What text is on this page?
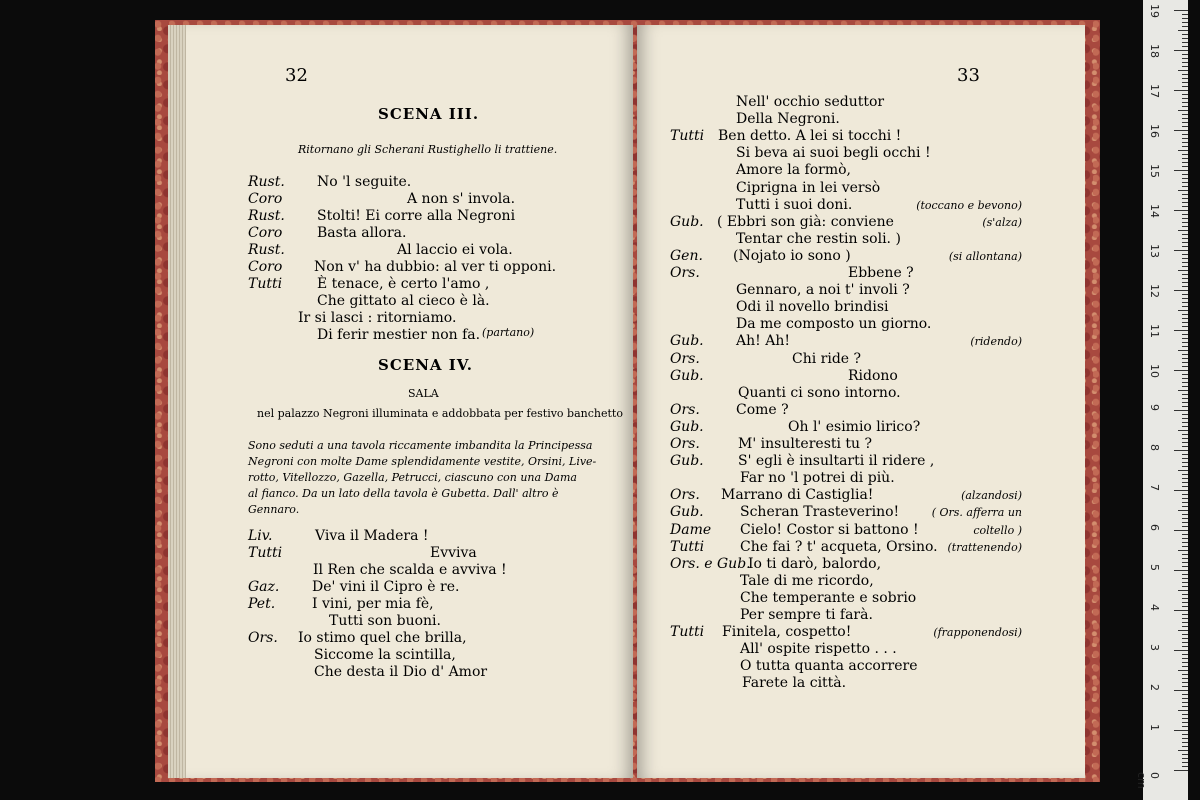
32
SCENA III.
Ritornano gli Scherani Rustighello li trattiene.
Rust. No 'l seguite.
Coro	A non s' invola.
Rust. Stolti! Ei corre alla Negroni
Coro Basta allora.
Rust.	Al laccio ei vola.
Coro Non v' ha dubbio: al ver ti opponi.
Tutti È tenace, è certo l'amo ,
Che gittato al cieco è là.
Ir si lasci : ritorniamo.
Di ferir mestier non fa. (partano)
SCENA IV.
SALA
nel palazzo Negroni illuminata e addobbata per festivo banchetto
Sono seduti a una tavola riccamente imbandita la Principessa
Negroni con molte Dame splendidamente vestite, Orsini, Live-
rotto, Vitellozzo, Gazella, Petrucci, ciascuno con una Dama
al fianco. Da un lato della tavola è Gubetta. Dall' altro è
Gennaro.
Liv.	Viva il Madera !
Tutti	Evviva
Il Ren che scalda e avviva !
Gaz. De' vini il Cipro è re.
Pet.	I vini, per mia fè,
Tutti son buoni.
Ors. Io stimo quel che brilla,
Siccome la scintilla,
Che desta il Dio d' Amor
33
Nell' occhio seduttor
Della Negroni.
Tutti Ben detto. A lei si tocchi !
Si beva ai suoi begli occhi !
Amore la formò,
Ciprigna in lei versò
Tutti i suoi doni.	(toccano e bevono)
Gub. ( Ebbri son già: conviene	(s'alza)
Tentar che restin soli. )
Gen. (Nojato io sono )	(si allontana)
Ors.	Ebbene ?
Gennaro, a noi t' involi ?
Odi il novello brindisi
Da me composto un giorno.
Gub. Ah! Ah!	(ridendo)
Ors.	Chi ride ?
Gub.	Ridono
Quanti ci sono intorno.
Ors.	Come ?
Gub.	Oh l' esimio lirico?
Ors.	M' insulteresti tu ?
Gub. S' egli è insultarti il ridere ,
Far no 'l potrei di più.
Ors. Marrano di Castiglia!	(alzandosi)
Gub.	Scheran Trasteverino!	( Ors. afferra un
Dame Cielo! Costor si battono !	coltello )
Tutti	Che fai ? t' acqueta, Orsino. (trattenendo)
Ors. e Gub.
Io ti darò, balordo,
Tale di me ricordo,
Che temperante e sobrio
Per sempre ti farà.
Tutti Finitela, cospetto!	(frapponendosi)
All' ospite rispetto . . .
O tutta quanta accorrere
Farete la città.
0 cm
1
2
3
4
5
6
7
8
9
10
11
12
13
14
15
16
17
18
19
